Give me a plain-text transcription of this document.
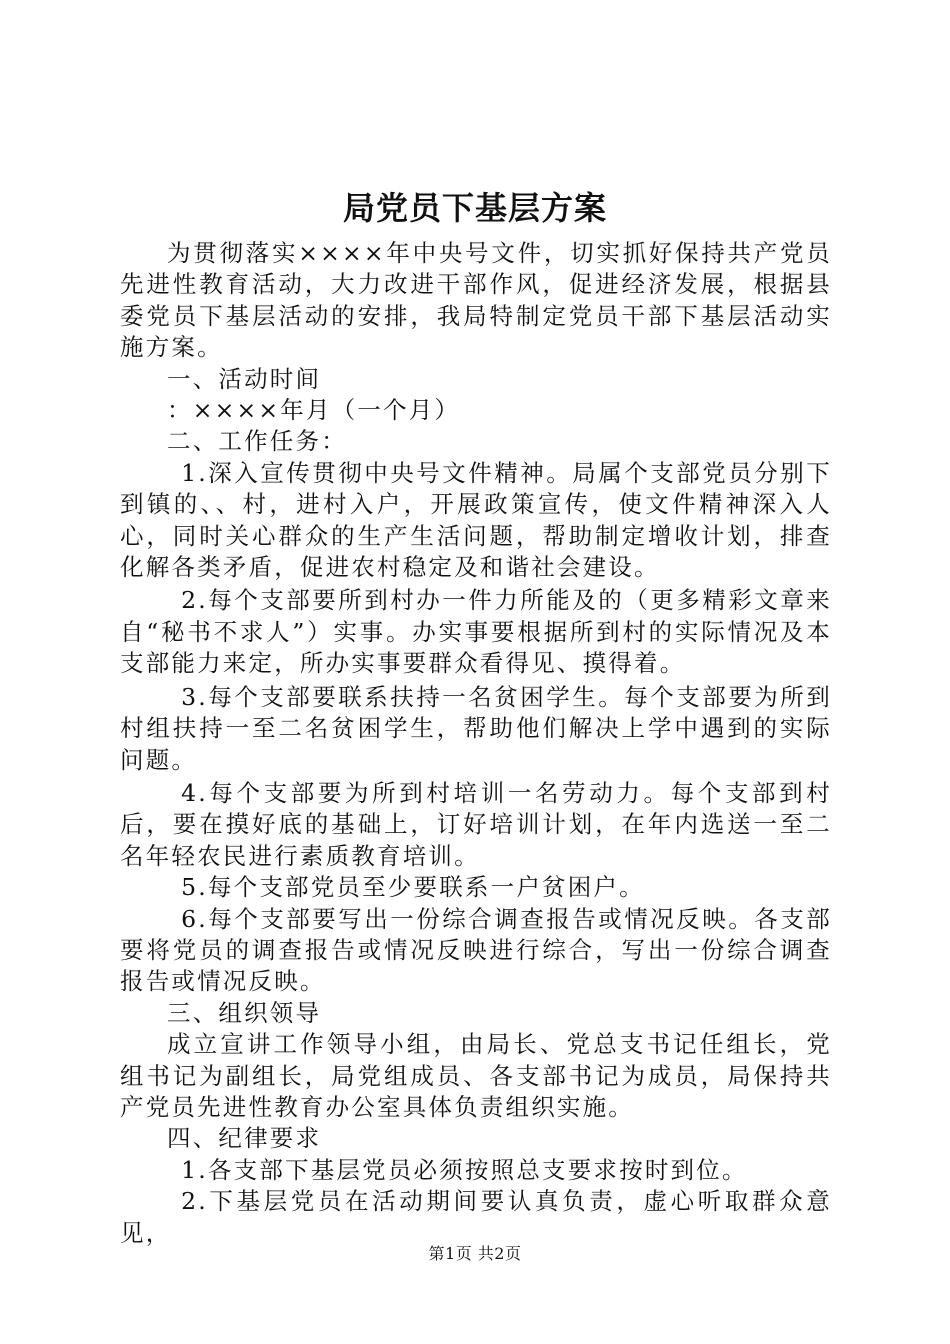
局党员下基层方案

为贯彻落实××××年中央号文件，切实抓好保持共产党员先进性教育活动，大力改进干部作风，促进经济发展，根据县委党员下基层活动的安排，我局特制定党员干部下基层活动实施方案。

一、活动时间

：××××年月（一个月）

二、工作任务：

1.深入宣传贯彻中央号文件精神。局属个支部党员分别下到镇的、、村，进村入户，开展政策宣传，使文件精神深入人心，同时关心群众的生产生活问题，帮助制定增收计划，排查化解各类矛盾，促进农村稳定及和谐社会建设。

2.每个支部要所到村办一件力所能及的（更多精彩文章来自“秘书不求人”）实事。办实事要根据所到村的实际情况及本支部能力来定，所办实事要群众看得见、摸得着。

3.每个支部要联系扶持一名贫困学生。每个支部要为所到村组扶持一至二名贫困学生，帮助他们解决上学中遇到的实际问题。

4.每个支部要为所到村培训一名劳动力。每个支部到村后，要在摸好底的基础上，订好培训计划，在年内选送一至二名年轻农民进行素质教育培训。

5.每个支部党员至少要联系一户贫困户。

6.每个支部要写出一份综合调查报告或情况反映。各支部要将党员的调查报告或情况反映进行综合，写出一份综合调查报告或情况反映。

三、组织领导

成立宣讲工作领导小组，由局长、党总支书记任组长，党组书记为副组长，局党组成员、各支部书记为成员，局保持共产党员先进性教育办公室具体负责组织实施。

四、纪律要求

1.各支部下基层党员必须按照总支要求按时到位。

2.下基层党员在活动期间要认真负责，虚心听取群众意见，

第1页 共2页
